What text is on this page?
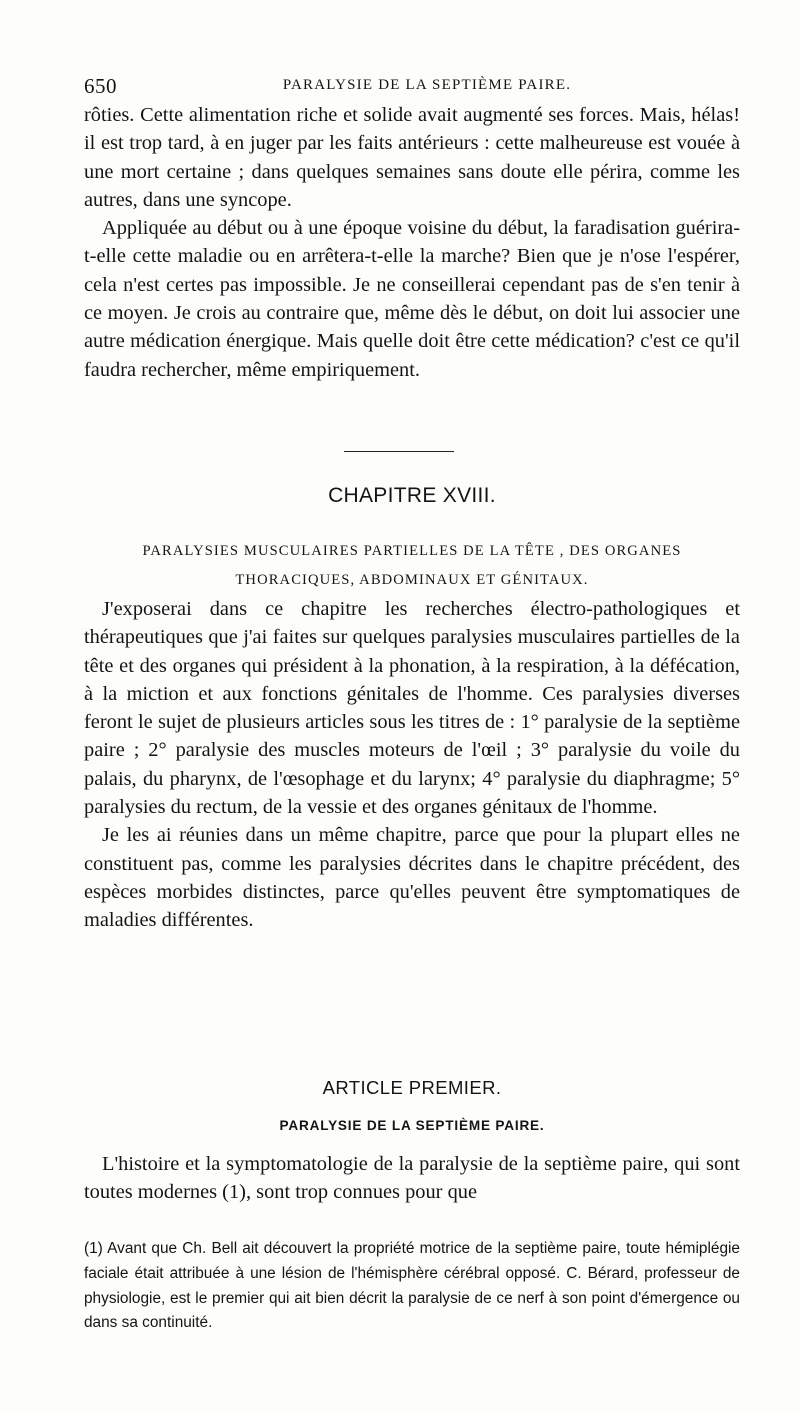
650	PARALYSIE DE LA SEPTIÈME PAIRE.

rôties. Cette alimentation riche et solide avait augmenté ses forces. Mais, hélas! il est trop tard, à en juger par les faits antérieurs : cette malheureuse est vouée à une mort certaine ; dans quelques semaines sans doute elle périra, comme les autres, dans une syncope.

Appliquée au début ou à une époque voisine du début, la faradisation guérira-t-elle cette maladie ou en arrêtera-t-elle la marche? Bien que je n'ose l'espérer, cela n'est certes pas impossible. Je ne conseillerai cependant pas de s'en tenir à ce moyen. Je crois au contraire que, même dès le début, on doit lui associer une autre médication énergique. Mais quelle doit être cette médication? c'est ce qu'il faudra rechercher, même empiriquement.

CHAPITRE XVIII.
PARALYSIES MUSCULAIRES PARTIELLES DE LA TÊTE , DES ORGANES
THORACIQUES, ABDOMINAUX ET GÉNITAUX.

J'exposerai dans ce chapitre les recherches électro-pathologiques et thérapeutiques que j'ai faites sur quelques paralysies musculaires partielles de la tête et des organes qui président à la phonation, à la respiration, à la défécation, à la miction et aux fonctions génitales de l'homme. Ces paralysies diverses feront le sujet de plusieurs articles sous les titres de : 1° paralysie de la septième paire ; 2° paralysie des muscles moteurs de l'œil ; 3° paralysie du voile du palais, du pharynx, de l'œsophage et du larynx; 4° paralysie du diaphragme; 5° paralysies du rectum, de la vessie et des organes génitaux de l'homme.

Je les ai réunies dans un même chapitre, parce que pour la plupart elles ne constituent pas, comme les paralysies décrites dans le chapitre précédent, des espèces morbides distinctes, parce qu'elles peuvent être symptomatiques de maladies différentes.

ARTICLE PREMIER.
PARALYSIE DE LA SEPTIÈME PAIRE.

L'histoire et la symptomatologie de la paralysie de la septième paire, qui sont toutes modernes (1), sont trop connues pour que

(1) Avant que Ch. Bell ait découvert la propriété motrice de la septième paire, toute hémiplégie faciale était attribuée à une lésion de l'hémisphère cérébral opposé. C. Bérard, professeur de physiologie, est le premier qui ait bien décrit la paralysie de ce nerf à son point d'émergence ou dans sa continuité.
